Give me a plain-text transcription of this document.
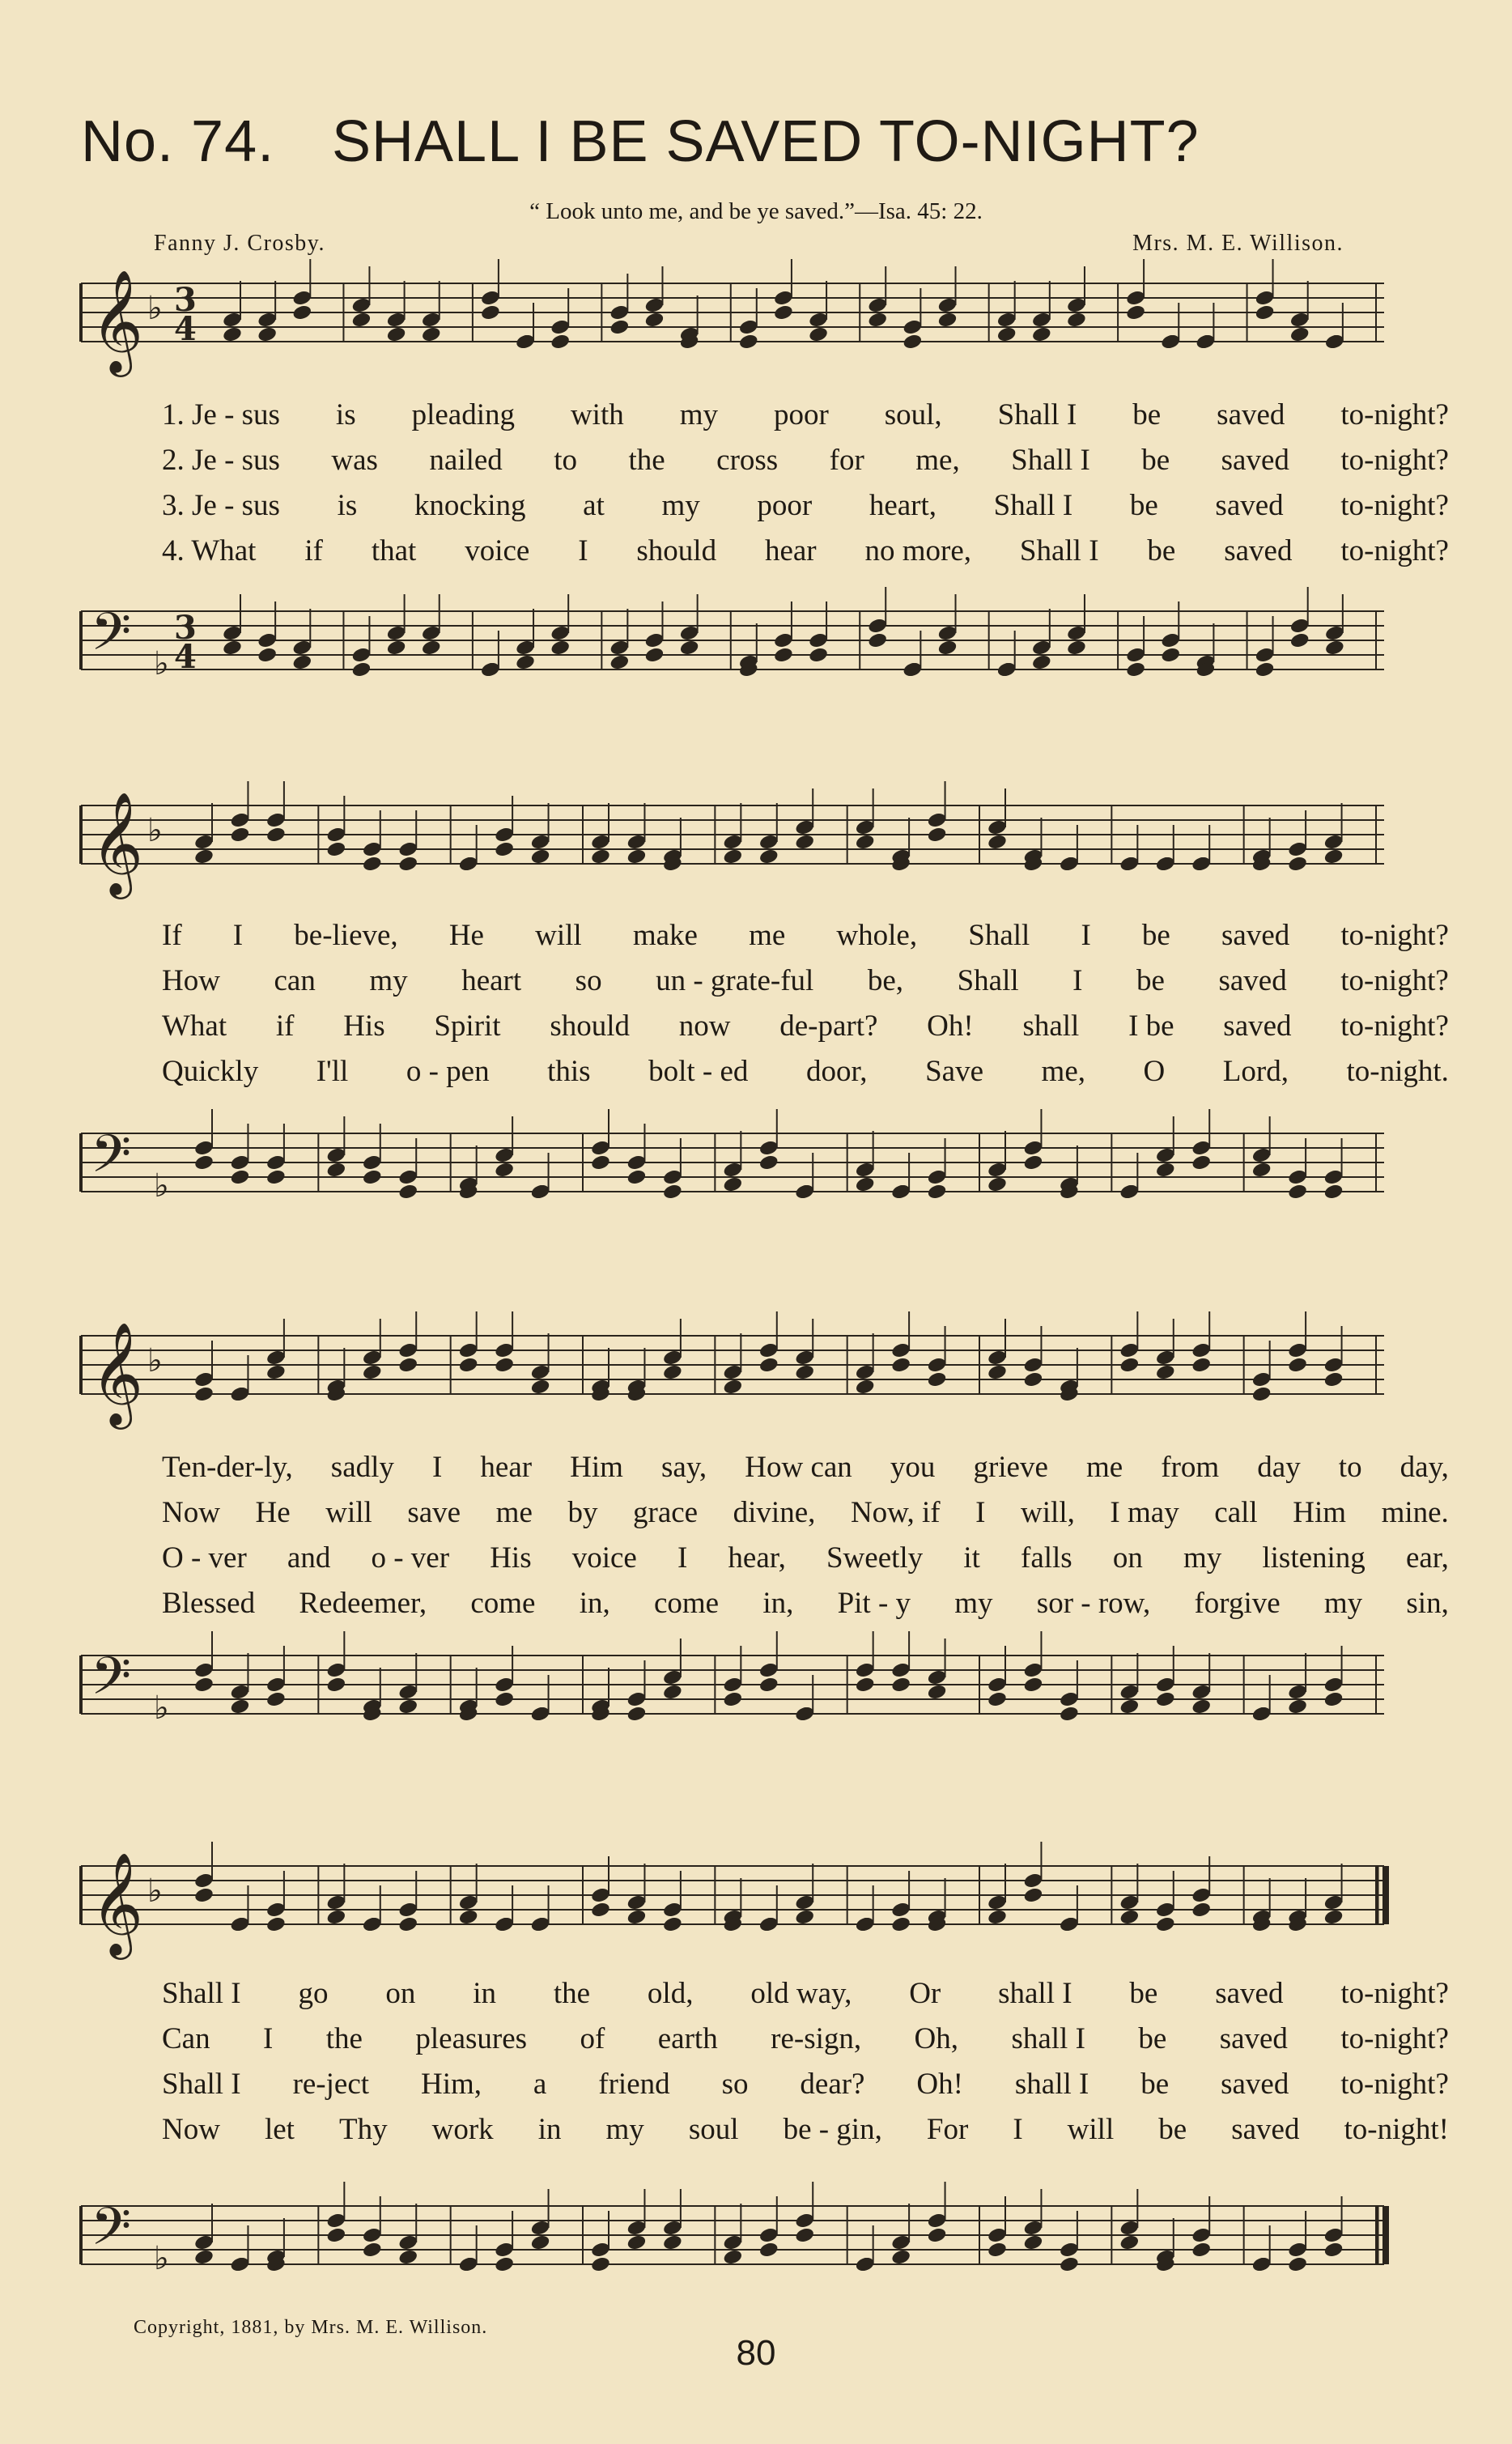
No. 74. SHALL I BE SAVED TO-NIGHT?
“ Look unto me, and be ye saved.”—Isa. 45: 22.
Fanny J. Crosby.	Mrs. M. E. Willison.
𝄞 ♭ 3
4
1. Je - sus is pleading with my poor soul, Shall I be saved to-night?
2. Je - sus was nailed to the cross for me, Shall I be saved to-night?
3. Je - sus is knocking at my poor heart, Shall I be saved to-night?
4. What if that voice I should hear no more, Shall I be saved to-night?
𝄢 ♭
3
4
𝄞 ♭
If I be-lieve, He will make me whole, Shall I be saved to-night?
How can my heart so un - grate-ful be, Shall I be saved to-night?
What if His Spirit should now de-part? Oh! shall I be saved to-night?
Quickly I'll o - pen this bolt - ed door, Save me, O Lord, to-night.
𝄢 ♭
𝄞 ♭
Ten-der-ly, sadly I hear Him say, How can you grieve me from day to day,
Now He will save me by grace divine, Now, if I will, I may call Him mine.
O - ver and o - ver His voice I hear, Sweetly it falls on my listening ear,
Blessed Redeemer, come in, come in, Pit - y my sor - row, forgive my sin,
𝄢 ♭
𝄞 ♭
Shall I go on in the old, old way, Or shall I be saved to-night?
Can I the pleasures of earth re-sign, Oh, shall I be saved to-night?
Shall I re-ject Him, a friend so dear? Oh! shall I be saved to-night?
Now let Thy work in my soul be - gin, For I will be saved to-night!
𝄢 ♭
Copyright, 1881, by Mrs. M. E. Willison.
80
